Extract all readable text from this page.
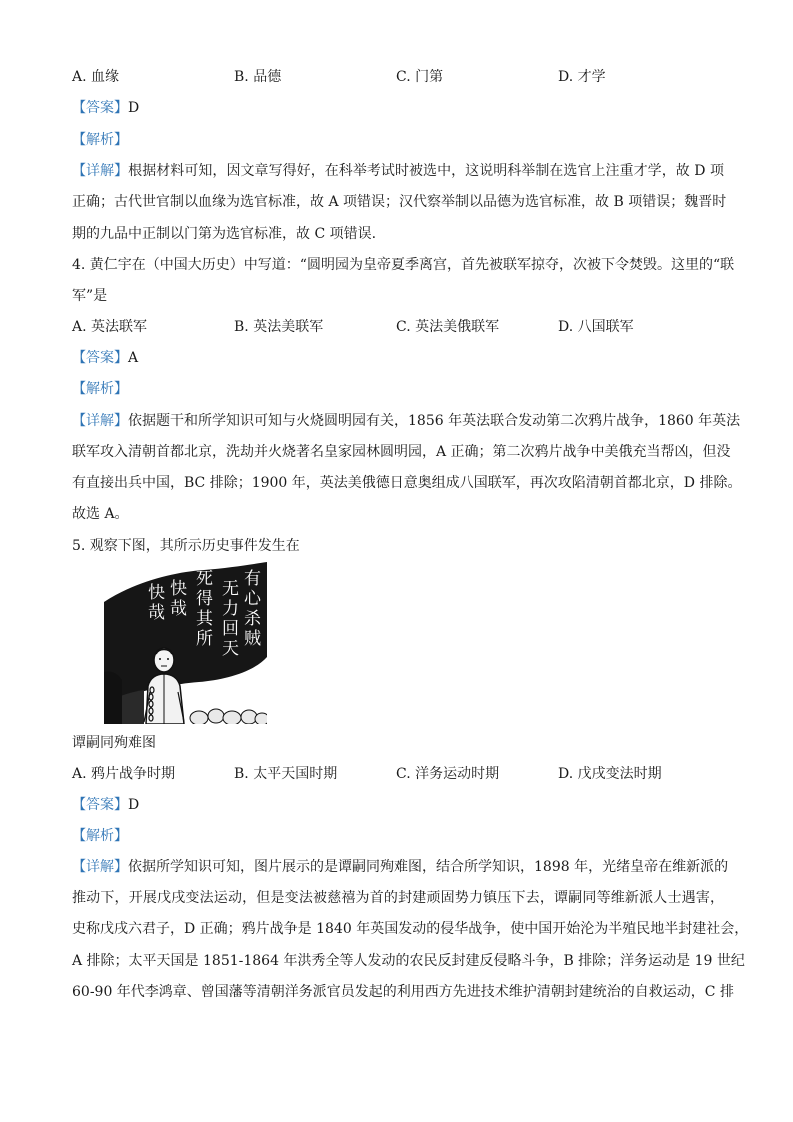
A. 血缘	B. 品德	C. 门第	D. 才学
【答案】D
【解析】
【详解】根据材料可知，因文章写得好，在科举考试时被选中，这说明科举制在选官上注重才学，故 D 项
正确；古代世官制以血缘为选官标准，故 A 项错误；汉代察举制以品德为选官标准，故 B 项错误；魏晋时
期的九品中正制以门第为选官标准，故 C 项错误.
4. 黄仁宇在（中国大历史）中写道：“圆明园为皇帝夏季离宫，首先被联军掠夺，次被下令焚毁。这里的“联
军”是
A. 英法联军	B. 英法美联军	C. 英法美俄联军	D. 八国联军
【答案】A
【解析】
【详解】依据题干和所学知识可知与火烧圆明园有关，1856 年英法联合发动第二次鸦片战争，1860 年英法
联军攻入清朝首都北京，洗劫并火烧著名皇家园林圆明园，A 正确；第二次鸦片战争中美俄充当帮凶，但没
有直接出兵中国，BC 排除；1900 年，英法美俄德日意奥组成八国联军，再次攻陷清朝首都北京，D 排除。
故选 A。
5. 观察下图，其所示历史事件发生在
有
心
杀
贼
无
力
回
天
死
得
其
所
快
哉
快
哉
谭嗣同殉难图
A. 鸦片战争时期	B. 太平天国时期	C. 洋务运动时期	D. 戊戌变法时期
【答案】D
【解析】
【详解】依据所学知识可知，图片展示的是谭嗣同殉难图，结合所学知识，1898 年，光绪皇帝在维新派的
推动下，开展戊戌变法运动，但是变法被慈禧为首的封建顽固势力镇压下去，谭嗣同等维新派人士遇害，
史称戊戌六君子，D 正确；鸦片战争是 1840 年英国发动的侵华战争，使中国开始沦为半殖民地半封建社会，
A 排除；太平天国是 1851-1864 年洪秀全等人发动的农民反封建反侵略斗争，B 排除；洋务运动是 19 世纪
60-90 年代李鸿章、曾国藩等清朝洋务派官员发起的利用西方先进技术维护清朝封建统治的自救运动，C 排
